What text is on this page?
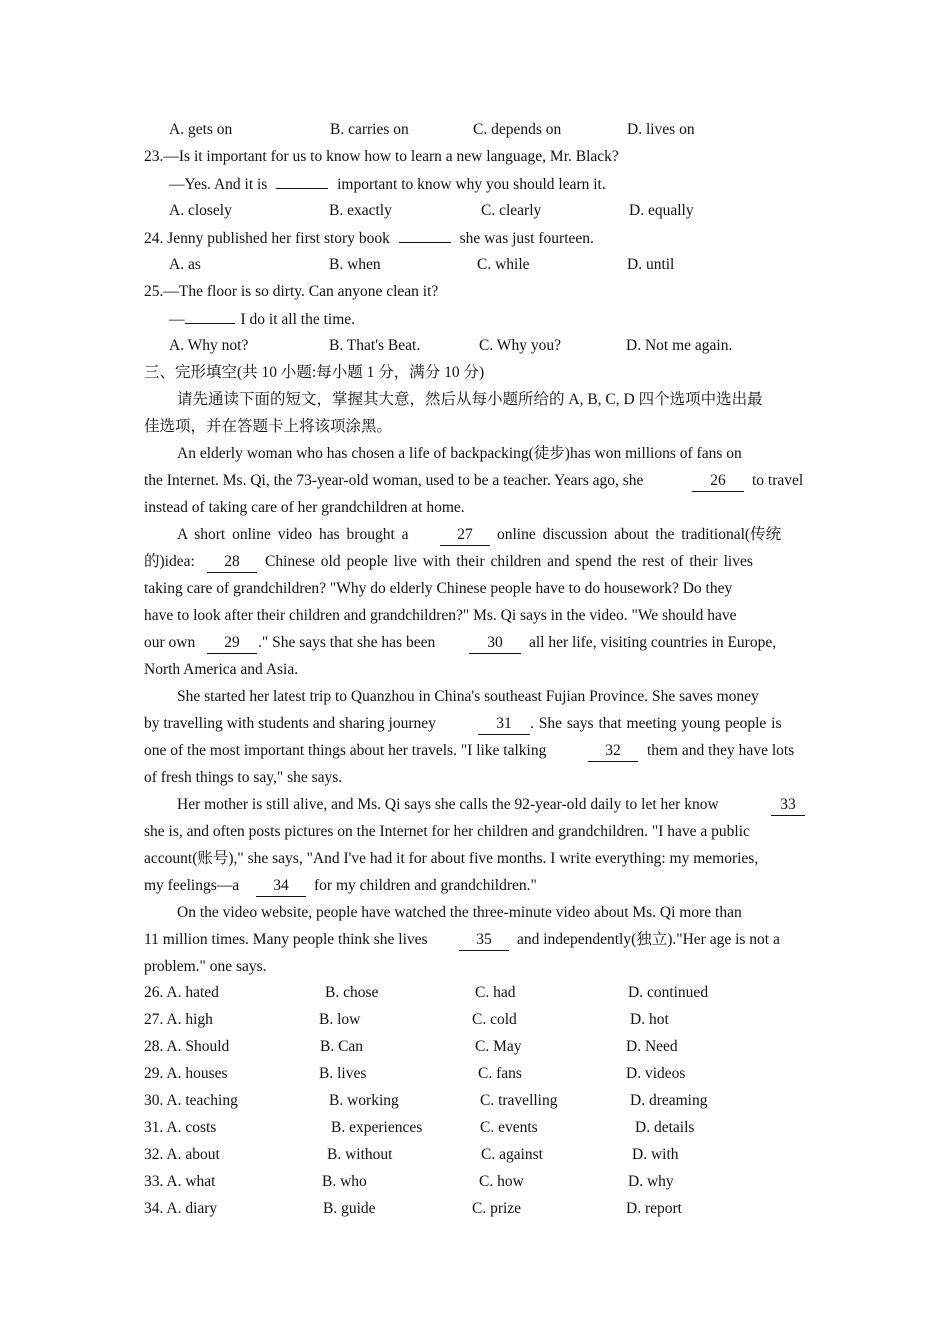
A. gets on	B. carries on	C. depends on	D. lives on
23.—Is it important for us to know how to learn a new language, Mr. Black?
—Yes. And it is	important to know why you should learn it.
A. closely	B. exactly	C. clearly	D. equally
24. Jenny published her first story book	she was just fourteen.
A. as	B. when	C. while	D. until
25.—The floor is so dirty. Can anyone clean it?
—	I do it all the time.
A. Why not?	B. That's Beat.	C. Why you?	D. Not me again.
三、完形填空(共 10 小题:每小题 1 分，满分 10 分)
请先通读下面的短文，掌握其大意，然后从每小题所给的 A, B, C, D 四个选项中选出最
佳选项，并在答题卡上将该项涂黑。
An elderly woman who has chosen a life of backpacking(徒步)has won millions of fans on
the Internet. Ms. Qi, the 73-year-old woman, used to be a teacher. Years ago, she	26	to travel
instead of taking care of her grandchildren at home.
A short online video has brought a	27	online discussion about the traditional(传统
的)idea:	28	Chinese old people live with their children and spend the rest of their lives
taking care of grandchildren? "Why do elderly Chinese people have to do housework? Do they
have to look after their children and grandchildren?" Ms. Qi says in the video. "We should have
our own	29	." She says that she has been	30	all her life, visiting countries in Europe,
North America and Asia.
She started her latest trip to Quanzhou in China's southeast Fujian Province. She saves money
by travelling with students and sharing journey	31	. She says that meeting young people is
one of the most important things about her travels. "I like talking	32	them and they have lots
of fresh things to say," she says.
Her mother is still alive, and Ms. Qi says she calls the 92-year-old daily to let her know	33
she is, and often posts pictures on the Internet for her children and grandchildren. "I have a public
account(账号)," she says, "And I've had it for about five months. I write everything: my memories,
my feelings—a	34	for my children and grandchildren."
On the video website, people have watched the three-minute video about Ms. Qi more than
11 million times. Many people think she lives	35	and independently(独立)."Her age is not a
problem." one says.
26. A. hated	B. chose	C. had	D. continued
27. A. high	B. low	C. cold	D. hot
28. A. Should	B. Can	C. May	D. Need
29. A. houses	B. lives	C. fans	D. videos
30. A. teaching	B. working	C. travelling	D. dreaming
31. A. costs	B. experiences	C. events	D. details
32. A. about	B. without	C. against	D. with
33. A. what	B. who	C. how	D. why
34. A. diary	B. guide	C. prize	D. report
